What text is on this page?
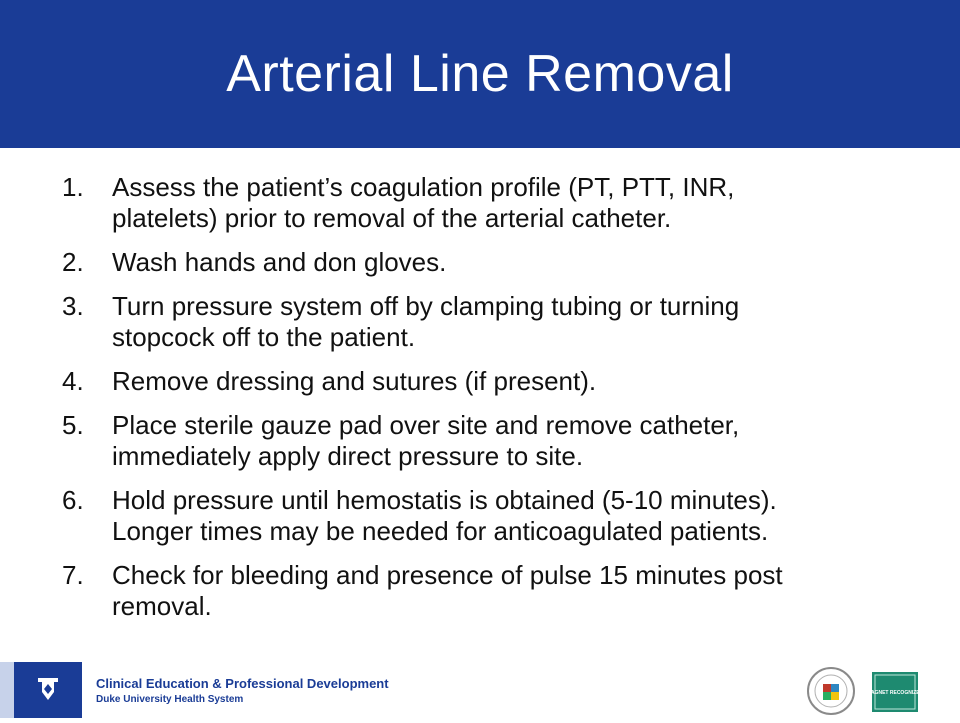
Arterial Line Removal
1. Assess the patient’s coagulation profile (PT, PTT, INR,
platelets) prior to removal of the arterial catheter.
2. Wash hands and don gloves.
3. Turn pressure system off by clamping tubing or turning
stopcock off to the patient.
4. Remove dressing and sutures (if present).
5. Place sterile gauze pad over site and remove catheter,
immediately apply direct pressure to site.
6. Hold pressure until hemostatis is obtained (5-10 minutes).
Longer times may be needed for anticoagulated patients.
7. Check for bleeding and presence of pulse 15 minutes post
removal.
Clinical Education & Professional Development
Duke University Health System
MAGNET RECOGNIZED
